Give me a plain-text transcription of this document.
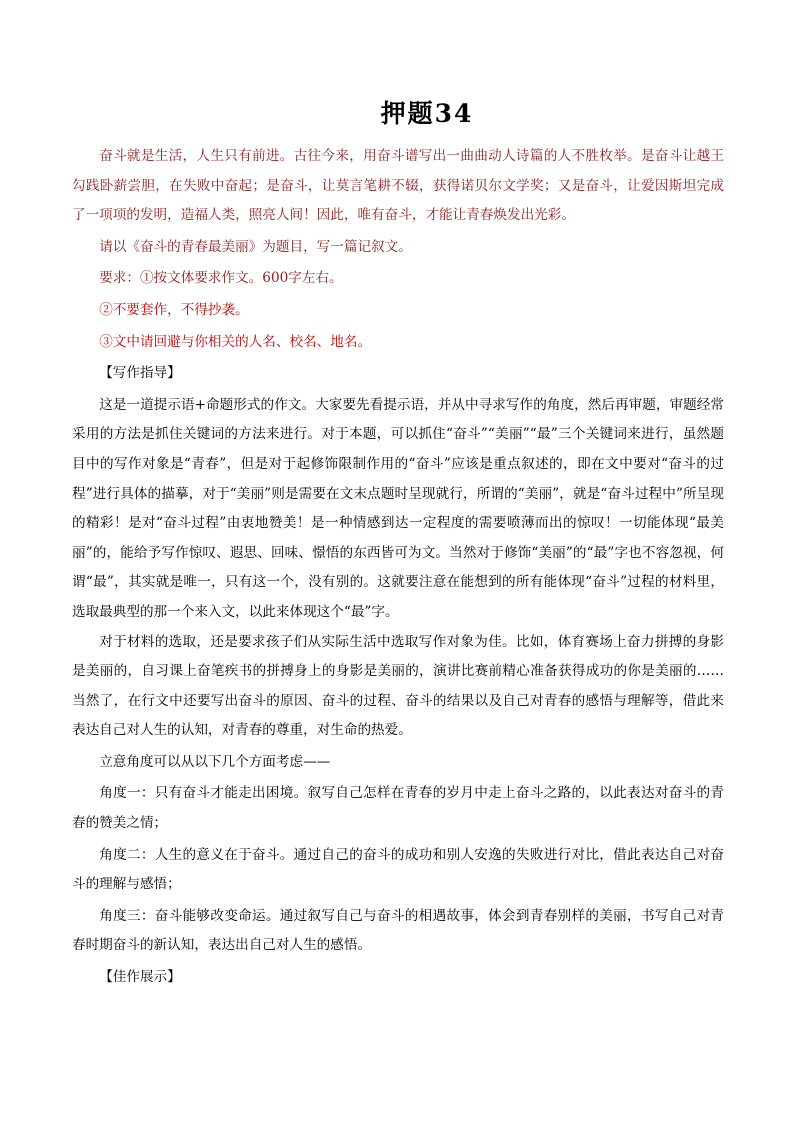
押题34

奋斗就是生活，人生只有前进。古往今来，用奋斗谱写出一曲曲动人诗篇的人不胜枚举。是奋斗让越王勾践卧薪尝胆，在失败中奋起；是奋斗，让莫言笔耕不辍，获得诺贝尔文学奖；又是奋斗，让爱因斯坦完成了一项项的发明，造福人类，照亮人间！因此，唯有奋斗，才能让青春焕发出光彩。

请以《奋斗的青春最美丽》为题目，写一篇记叙文。

要求：①按文体要求作文。600字左右。

②不要套作，不得抄袭。

③文中请回避与你相关的人名、校名、地名。

【写作指导】

这是一道提示语+命题形式的作文。大家要先看提示语，并从中寻求写作的角度，然后再审题，审题经常采用的方法是抓住关键词的方法来进行。对于本题，可以抓住“奋斗”“美丽”“最”三个关键词来进行，虽然题目中的写作对象是“青春”，但是对于起修饰限制作用的“奋斗”应该是重点叙述的，即在文中要对“奋斗的过程”进行具体的描摹，对于“美丽”则是需要在文末点题时呈现就行，所谓的“美丽”，就是“奋斗过程中”所呈现的精彩！是对“奋斗过程”由衷地赞美！是一种情感到达一定程度的需要喷薄而出的惊叹！一切能体现“最美丽”的，能给予写作惊叹、遐思、回味、憬悟的东西皆可为文。当然对于修饰“美丽”的“最”字也不容忽视，何谓“最”，其实就是唯一，只有这一个，没有别的。这就要注意在能想到的所有能体现“奋斗”过程的材料里，选取最典型的那一个来入文，以此来体现这个“最”字。

对于材料的选取，还是要求孩子们从实际生活中选取写作对象为佳。比如，体育赛场上奋力拼搏的身影是美丽的，自习课上奋笔疾书的拼搏身上的身影是美丽的，演讲比赛前精心准备获得成功的你是美丽的……当然了，在行文中还要写出奋斗的原因、奋斗的过程、奋斗的结果以及自己对青春的感悟与理解等，借此来表达自己对人生的认知，对青春的尊重，对生命的热爱。

立意角度可以从以下几个方面考虑——

角度一：只有奋斗才能走出困境。叙写自己怎样在青春的岁月中走上奋斗之路的，以此表达对奋斗的青春的赞美之情；

角度二：人生的意义在于奋斗。通过自己的奋斗的成功和别人安逸的失败进行对比，借此表达自己对奋斗的理解与感悟；

角度三：奋斗能够改变命运。通过叙写自己与奋斗的相遇故事，体会到青春别样的美丽，书写自己对青春时期奋斗的新认知，表达出自己对人生的感悟。

【佳作展示】
